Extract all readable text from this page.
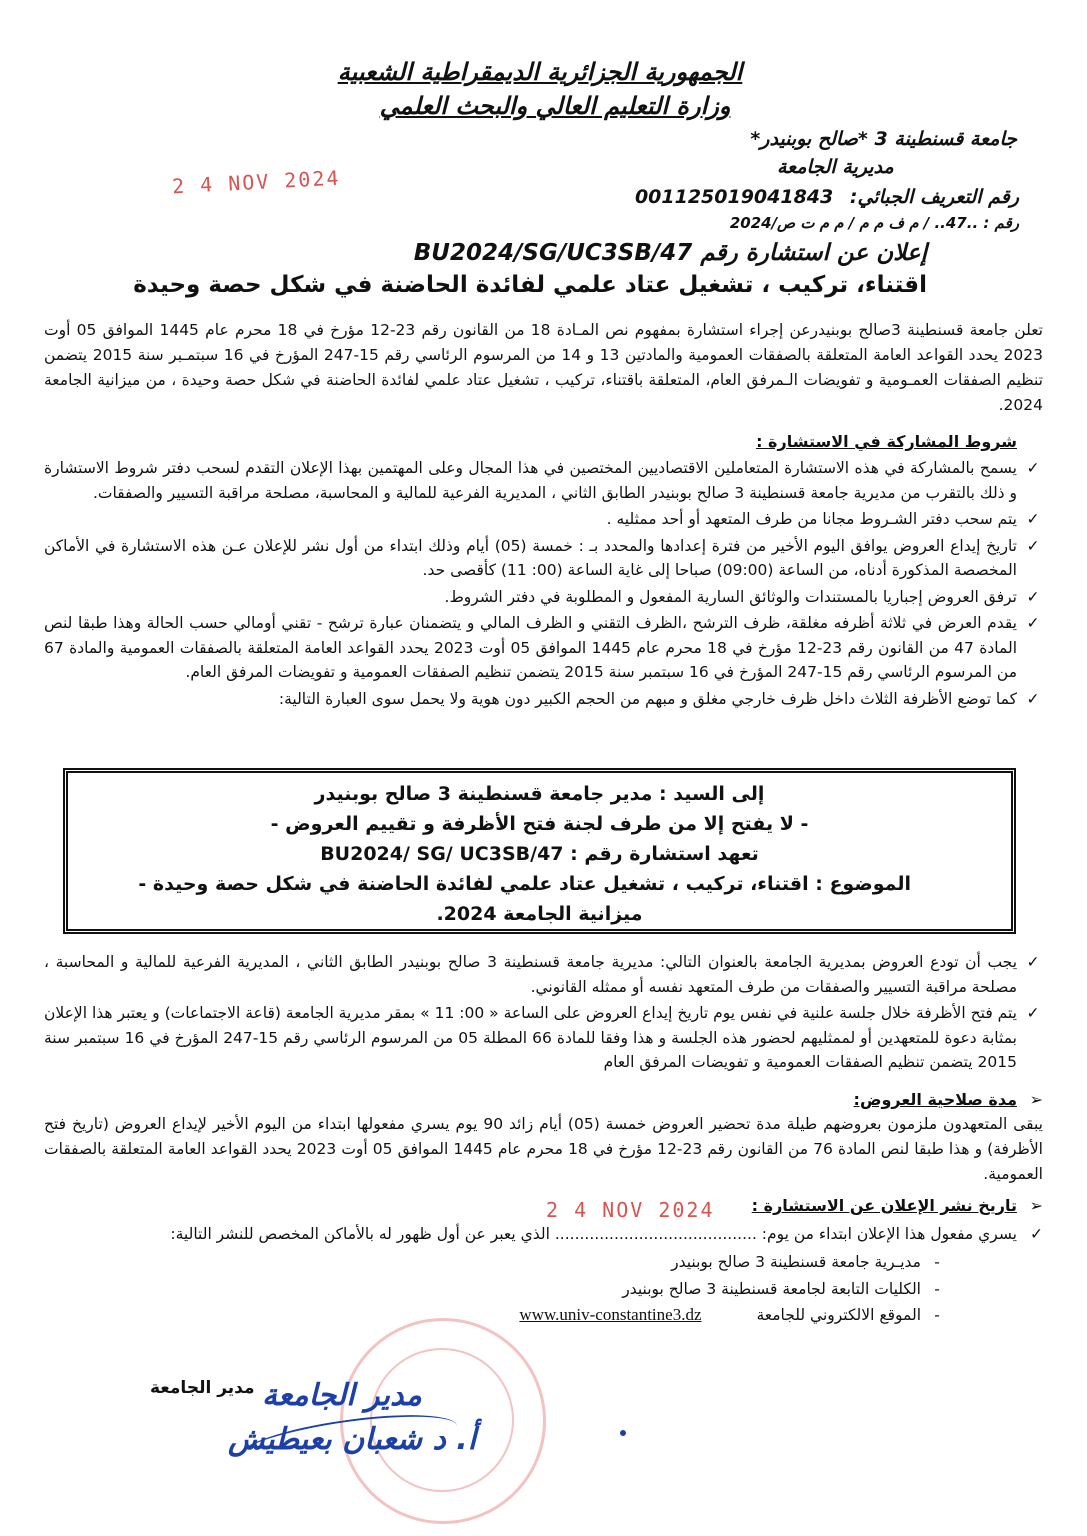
الجمهورية الجزائرية الديمقراطية الشعبية
وزارة التعليم العالي والبحث العلمي
جامعة قسنطينة 3 *صالح بوبنيدر*
مديرية الجامعة
2 4 NOV 2024	رقم التعريف الجبائي: 001125019041843
رقم : ..47.. / م ف م م / م م ت ص/2024
إعلان عن استشارة رقم BU2024/SG/UC3SB/47
اقتناء، تركيب ، تشغيل عتاد علمي لفائدة الحاضنة في شكل حصة وحيدة
تعلن جامعة قسنطينة 3صالح بوبنيدرعن إجراء استشارة بمفهوم نص المـادة 18 من القانون رقم 23-12 مؤرخ في 18 محرم عام 1445 الموافق 05 أوت 2023 يحدد القواعد العامة المتعلقة بالصفقات العمومية والمادتين 13 و 14 من المرسوم الرئاسي رقم 15-247 المؤرخ في 16 سبتمـبر سنة 2015 يتضمن تنظيم الصفقات العمـومية و تفويضات الـمرفق العام، المتعلقة باقتناء، تركيب ، تشغيل عتاد علمي لفائدة الحاضنة في شكل حصة وحيدة ، من ميزانية الجامعة 2024.
شروط المشاركة في الاستشارة :
✓
يسمح بالمشاركة في هذه الاستشارة المتعاملين الاقتصاديين المختصين في هذا المجال وعلى المهتمين بهذا الإعلان التقدم لسحب دفتر شروط الاستشارة و ذلك بالتقرب من مديرية جامعة قسنطينة 3 صالح بوبنيدر الطابق الثاني ، المديرية الفرعية للمالية و المحاسبة، مصلحة مراقبة التسيير والصفقات.
✓
يتم سحب دفتر الشـروط مجانا من طرف المتعهد أو أحد ممثليه .
✓
تاريخ إيداع العروض يوافق اليوم الأخير من فترة إعدادها والمحدد بـ : خمسة (05) أيام وذلك ابتداء من أول نشر للإعلان عـن هذه الاستشارة في الأماكن المخصصة المذكورة أدناه، من الساعة (09:00) صباحا إلى غاية الساعة (00: 11) كأقصى حد.
✓
ترفق العروض إجباريا بالمستندات والوثائق السارية المفعول و المطلوبة في دفتر الشروط.
✓
يقدم العرض في ثلاثة أظرفه مغلقة، ظرف الترشح ،الظرف التقني و الظرف المالي و يتضمنان عبارة ترشح - تقني أومالي حسب الحالة وهذا طبقا لنص المادة 47 من القانون رقم 23-12 مؤرخ في 18 محرم عام 1445 الموافق 05 أوت 2023 يحدد القواعد العامة المتعلقة بالصفقات العمومية والمادة 67 من المرسوم الرئاسي رقم 15-247 المؤرخ في 16 سبتمبر سنة 2015 يتضمن تنظيم الصفقات العمومية و تفويضات المرفق العام.
✓
كما توضع الأظرفة الثلاث داخل ظرف خارجي مغلق و مبهم من الحجم الكبير دون هوية ولا يحمل سوى العبارة التالية:
إلى السيد : مدير جامعة قسنطينة 3 صالح بوبنيدر
- لا يفتح إلا من طرف لجنة فتح الأظرفة و تقييم العروض -
تعهد استشارة رقم : BU2024/ SG/ UC3SB/47
الموضوع : اقتناء، تركيب ، تشغيل عتاد علمي لفائدة الحاضنة في شكل حصة وحيدة -
ميزانية الجامعة 2024.
✓
يجب أن تودع العروض بمديرية الجامعة بالعنوان التالي: مديرية جامعة قسنطينة 3 صالح بوبنيدر الطابق الثاني ، المديرية الفرعية للمالية و المحاسبة ، مصلحة مراقبة التسيير والصفقات من طرف المتعهد نفسه أو ممثله القانوني.
✓
يتم فتح الأظرفة خلال جلسة علنية في نفس يوم تاريخ إيداع العروض على الساعة « 00: 11 » بمقر مديرية الجامعة (قاعة الاجتماعات) و يعتبر هذا الإعلان بمثابة دعوة للمتعهدين أو لممثليهم لحضور هذه الجلسة و هذا وفقا للمادة 66 المطلة 05 من المرسوم الرئاسي رقم 15-247 المؤرخ في 16 سبتمبر سنة 2015 يتضمن تنظيم الصفقات العمومية و تفويضات المرفق العام
➢
مدة صلاحية العروض:
يبقى المتعهدون ملزمون بعروضهم طيلة مدة تحضير العروض خمسة (05) أيام زائد 90 يوم يسري مفعولها ابتداء من اليوم الأخير لإيداع العروض (تاريخ فتح الأظرفة) و هذا طبقا لنص المادة 76 من القانون رقم 23-12 مؤرخ في 18 محرم عام 1445 الموافق 05 أوت 2023 يحدد القواعد العامة المتعلقة بالصفقات العمومية.
➢
تاريخ نشر الإعلان عن الاستشارة :
2 4 NOV 2024
✓
يسري مفعول هذا الإعلان ابتداء من يوم: ......................................... الذي يعبر عن أول ظهور له بالأماكن المخصص للنشر التالية:
-
مديـرية جامعة قسنطينة 3 صالح بوبنيدر
-
الكليات التابعة لجامعة قسنطينة 3 صالح بوبنيدر
-
الموقع الالكتروني للجامعة www.univ-constantine3.dz
مدير الجامعة مدير الجامعة
أ. د شعبان بعيطيش
